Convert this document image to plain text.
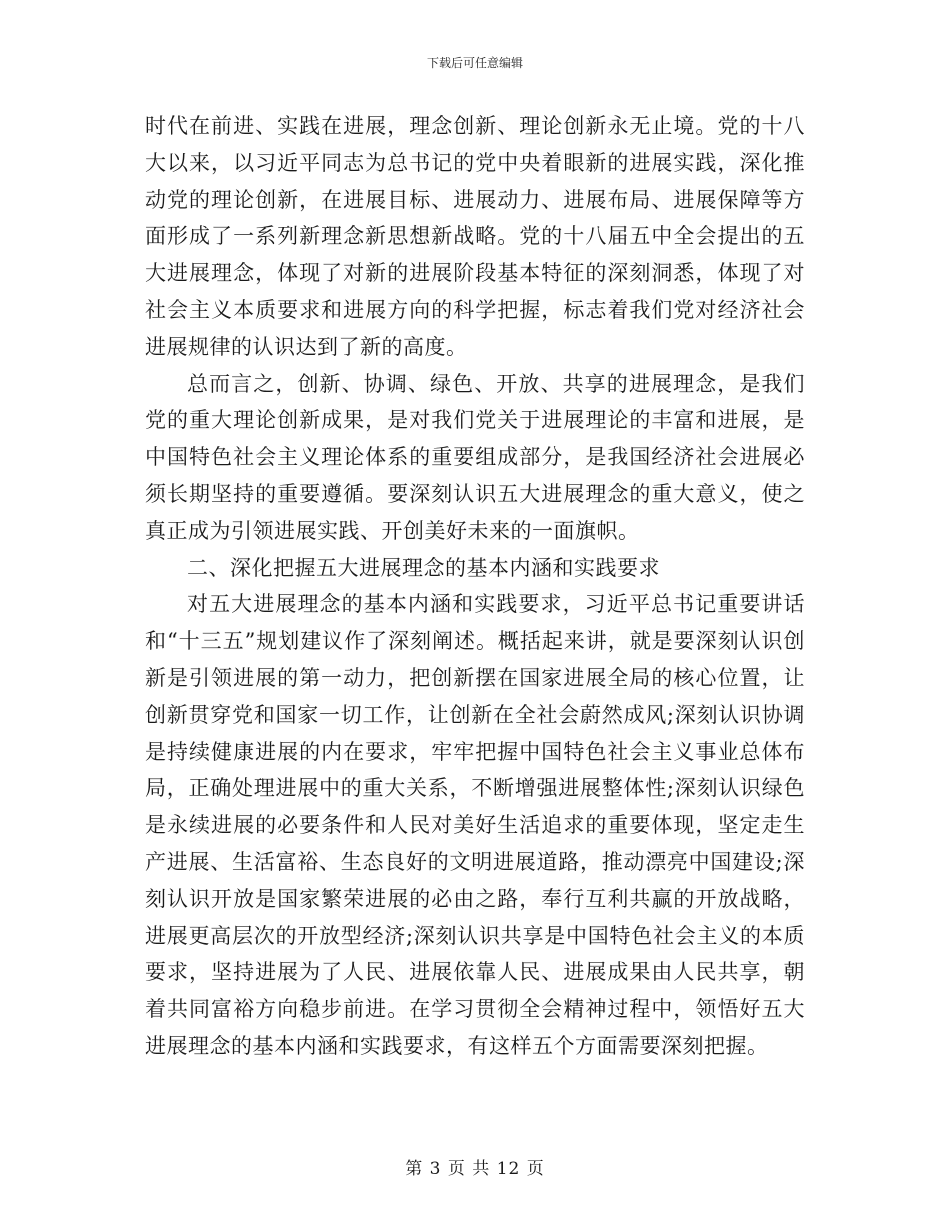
下载后可任意编辑

时代在前进、实践在进展，理念创新、理论创新永无止境。党的十八大以来，以习近平同志为总书记的党中央着眼新的进展实践，深化推动党的理论创新，在进展目标、进展动力、进展布局、进展保障等方面形成了一系列新理念新思想新战略。党的十八届五中全会提出的五大进展理念，体现了对新的进展阶段基本特征的深刻洞悉，体现了对社会主义本质要求和进展方向的科学把握，标志着我们党对经济社会进展规律的认识达到了新的高度。

总而言之，创新、协调、绿色、开放、共享的进展理念，是我们党的重大理论创新成果，是对我们党关于进展理论的丰富和进展，是中国特色社会主义理论体系的重要组成部分，是我国经济社会进展必须长期坚持的重要遵循。要深刻认识五大进展理念的重大意义，使之真正成为引领进展实践、开创美好未来的一面旗帜。

二、深化把握五大进展理念的基本内涵和实践要求

对五大进展理念的基本内涵和实践要求，习近平总书记重要讲话和“十三五”规划建议作了深刻阐述。概括起来讲，就是要深刻认识创新是引领进展的第一动力，把创新摆在国家进展全局的核心位置，让创新贯穿党和国家一切工作，让创新在全社会蔚然成风;深刻认识协调是持续健康进展的内在要求，牢牢把握中国特色社会主义事业总体布局，正确处理进展中的重大关系，不断增强进展整体性;深刻认识绿色是永续进展的必要条件和人民对美好生活追求的重要体现，坚定走生产进展、生活富裕、生态良好的文明进展道路，推动漂亮中国建设;深刻认识开放是国家繁荣进展的必由之路，奉行互利共赢的开放战略，进展更高层次的开放型经济;深刻认识共享是中国特色社会主义的本质要求，坚持进展为了人民、进展依靠人民、进展成果由人民共享，朝着共同富裕方向稳步前进。在学习贯彻全会精神过程中，领悟好五大进展理念的基本内涵和实践要求，有这样五个方面需要深刻把握。

第 3 页 共 12 页
